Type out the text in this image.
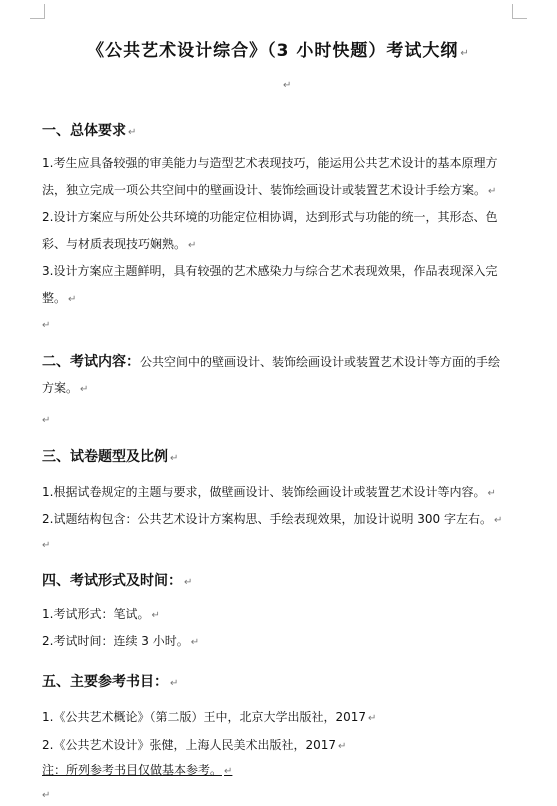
《公共艺术设计综合》（3 小时快题）考试大纲 ↵
↵
一、总体要求 ↵
1.考生应具备较强的审美能力与造型艺术表现技巧，能运用公共艺术设计的基本原理方
法，独立完成一项公共空间中的壁画设计、装饰绘画设计或装置艺术设计手绘方案。 ↵
2.设计方案应与所处公共环境的功能定位相协调，达到形式与功能的统一，其形态、色
彩、与材质表现技巧娴熟。 ↵
3.设计方案应主题鲜明，具有较强的艺术感染力与综合艺术表现效果，作品表现深入完
整。 ↵
↵
二、考试内容：公共空间中的壁画设计、装饰绘画设计或装置艺术设计等方面的手绘
方案。 ↵
↵
三、试卷题型及比例 ↵
1.根据试卷规定的主题与要求，做壁画设计、装饰绘画设计或装置艺术设计等内容。 ↵
2.试题结构包含：公共艺术设计方案构思、手绘表现效果，加设计说明 300 字左右。 ↵
↵
四、考试形式及时间： ↵
1.考试形式：笔试。 ↵
2.考试时间：连续 3 小时。 ↵
五、主要参考书目： ↵
1.《公共艺术概论》（第二版）王中，北京大学出版社，2017 ↵
2.《公共艺术设计》张健，上海人民美术出版社，2017 ↵
注：所列参考书目仅做基本参考。 ↵
↵
